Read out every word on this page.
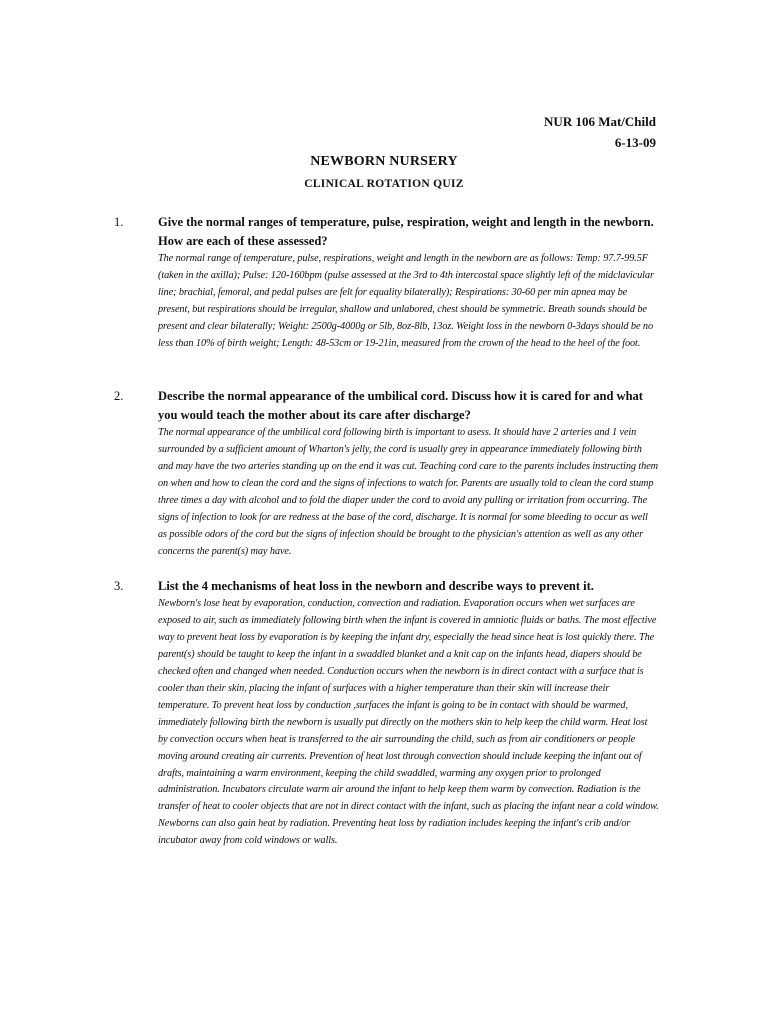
NUR 106 Mat/Child
6-13-09
NEWBORN NURSERY
CLINICAL ROTATION QUIZ
1.	Give the normal ranges of temperature, pulse, respiration, weight and length in the newborn. How are each of these assessed?
The normal range of temperature, pulse, respirations, weight and length in the newborn are as follows: Temp: 97.7-99.5F (taken in the axilla); Pulse: 120-160bpm (pulse assessed at the 3rd to 4th intercostal space slightly left of the midclavicular line; brachial, femoral, and pedal pulses are felt for equality bilaterally); Respirations: 30-60 per min apnea may be present, but respirations should be irregular, shallow and unlabored, chest should be symmetric. Breath sounds should be present and clear bilaterally; Weight: 2500g-4000g or 5lb, 8oz-8lb, 13oz. Weight loss in the newborn 0-3days should be no less than 10% of birth weight; Length: 48-53cm or 19-21in, measured from the crown of the head to the heel of the foot.
2.	Describe the normal appearance of the umbilical cord. Discuss how it is cared for and what you would teach the mother about its care after discharge?
The normal appearance of the umbilical cord following birth is important to asess. It should have 2 arteries and 1 vein surrounded by a sufficient amount of Wharton's jelly, the cord is usually grey in appearance immediately following birth and may have the two arteries standing up on the end it was cut. Teaching cord care to the parents includes instructing them on when and how to clean the cord and the signs of infections to watch for. Parents are usually told to clean the cord stump three times a day with alcohol and to fold the diaper under the cord to avoid any pulling or irritation from occurring. The signs of infection to look for are redness at the base of the cord, discharge. It is normal for some bleeding to occur as well as possible odors of the cord but the signs of infection should be brought to the physician's attention as well as any other concerns the parent(s) may have.
3.	List the 4 mechanisms of heat loss in the newborn and describe ways to prevent it.
Newborn's lose heat by evaporation, conduction, convection and radiation. Evaporation occurs when wet surfaces are exposed to air, such as immediately following birth when the infant is covered in amniotic fluids or baths. The most effective way to prevent heat loss by evaporation is by keeping the infant dry, especially the head since heat is lost quickly there. The parent(s) should be taught to keep the infant in a swaddled blanket and a knit cap on the infants head, diapers should be checked often and changed when needed. Conduction occurs when the newborn is in direct contact with a surface that is cooler than their skin, placing the infant of surfaces with a higher temperature than their skin will increase their temperature. To prevent heat loss by conduction ,surfaces the infant is going to be in contact with should be warmed, immediately following birth the newborn is usually put directly on the mothers skin to help keep the child warm. Heat lost by convection occurs when heat is transferred to the air surrounding the child, such as from air conditioners or people moving around creating air currents. Prevention of heat lost through convection should include keeping the infant out of drafts, maintaining a warm environment, keeping the child swaddled, warming any oxygen prior to prolonged administration. Incubators circulate warm air around the infant to help keep them warm by convection. Radiation is the transfer of heat to cooler objects that are not in direct contact with the infant, such as placing the infant near a cold window. Newborns can also gain heat by radiation. Preventing heat loss by radiation includes keeping the infant's crib and/or incubator away from cold windows or walls.
